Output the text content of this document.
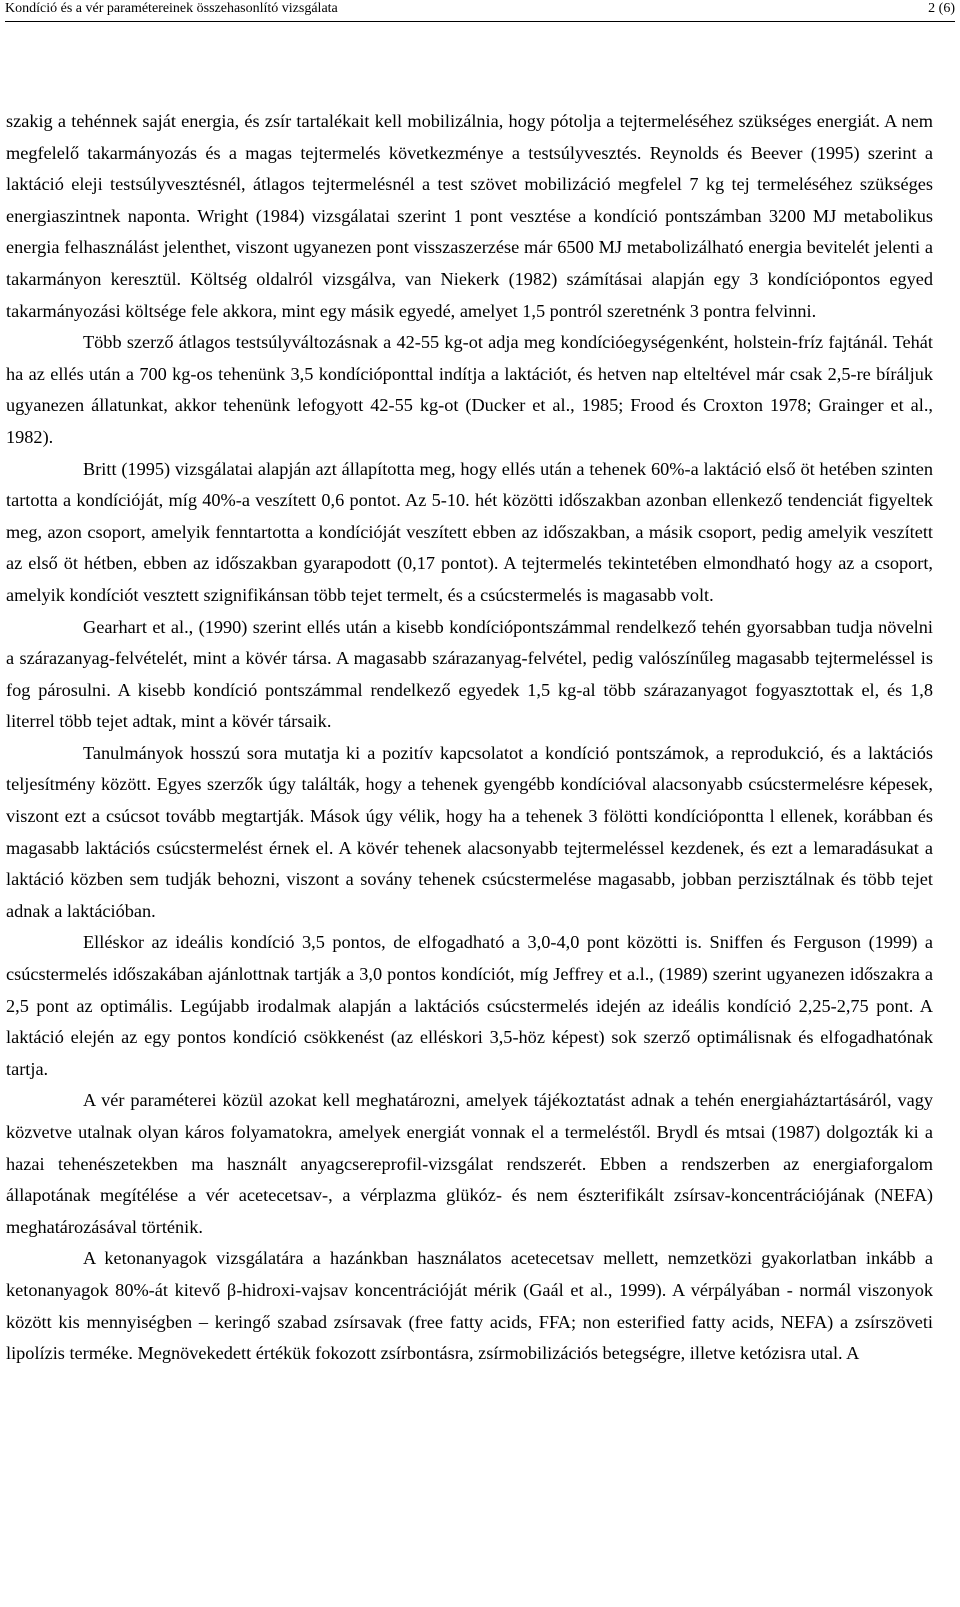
Kondíció és a vér paramétereinek összehasonlító vizsgálata	2 (6)

szakig a tehénnek saját energia, és zsír tartalékait kell mobilizálnia, hogy pótolja a tejtermeléséhez szükséges energiát. A nem megfelelő takarmányozás és a magas tejtermelés következménye a testsúlyvesztés. Reynolds és Beever (1995) szerint a laktáció eleji testsúlyvesztésnél, átlagos tejtermelésnél a test szövet mobilizáció megfelel 7 kg tej termeléséhez szükséges energiaszintnek naponta. Wright (1984) vizsgálatai szerint 1 pont vesztése a kondíció pontszámban 3200 MJ metabolikus energia felhasználást jelenthet, viszont ugyanezen pont visszaszerzése már 6500 MJ metabolizálható energia bevitelét jelenti a takarmányon keresztül. Költség oldalról vizsgálva, van Niekerk (1982) számításai alapján egy 3 kondíciópontos egyed takarmányozási költsége fele akkora, mint egy másik egyedé, amelyet 1,5 pontról szeretnénk 3 pontra felvinni.

Több szerző átlagos testsúlyváltozásnak a 42-55 kg-ot adja meg kondícióegységenként, holstein-fríz fajtánál. Tehát ha az ellés után a 700 kg-os tehenünk 3,5 kondícióponttal indítja a laktációt, és hetven nap elteltével már csak 2,5-re bíráljuk ugyanezen állatunkat, akkor tehenünk lefogyott 42-55 kg-ot (Ducker et al., 1985; Frood és Croxton 1978; Grainger et al., 1982).

Britt (1995) vizsgálatai alapján azt állapította meg, hogy ellés után a tehenek 60%-a laktáció első öt hetében szinten tartotta a kondícióját, míg 40%-a veszített 0,6 pontot. Az 5-10. hét közötti időszakban azonban ellenkező tendenciát figyeltek meg, azon csoport, amelyik fenntartotta a kondícióját veszített ebben az időszakban, a másik csoport, pedig amelyik veszített az első öt hétben, ebben az időszakban gyarapodott (0,17 pontot). A tejtermelés tekintetében elmondható hogy az a csoport, amelyik kondíciót vesztett szignifikánsan több tejet termelt, és a csúcstermelés is magasabb volt.

Gearhart et al., (1990) szerint ellés után a kisebb kondíciópontszámmal rendelkező tehén gyorsabban tudja növelni a szárazanyag-felvételét, mint a kövér társa. A magasabb szárazanyag-felvétel, pedig valószínűleg magasabb tejtermeléssel is fog párosulni. A kisebb kondíció pontszámmal rendelkező egyedek 1,5 kg-al több szárazanyagot fogyasztottak el, és 1,8 literrel több tejet adtak, mint a kövér társaik.

Tanulmányok hosszú sora mutatja ki a pozitív kapcsolatot a kondíció pontszámok, a reprodukció, és a laktációs teljesítmény között. Egyes szerzők úgy találták, hogy a tehenek gyengébb kondícióval alacsonyabb csúcstermelésre képesek, viszont ezt a csúcsot tovább megtartják. Mások úgy vélik, hogy ha a tehenek 3 fölötti kondíciópontta l ellenek, korábban és magasabb laktációs csúcstermelést érnek el. A kövér tehenek alacsonyabb tejtermeléssel kezdenek, és ezt a lemaradásukat a laktáció közben sem tudják behozni, viszont a sovány tehenek csúcstermelése magasabb, jobban perzisztálnak és több tejet adnak a laktációban.

Elléskor az ideális kondíció 3,5 pontos, de elfogadható a 3,0-4,0 pont közötti is. Sniffen és Ferguson (1999) a csúcstermelés időszakában ajánlottnak tartják a 3,0 pontos kondíciót, míg Jeffrey et a.l., (1989) szerint ugyanezen időszakra a 2,5 pont az optimális. Legújabb irodalmak alapján a laktációs csúcstermelés idején az ideális kondíció 2,25-2,75 pont. A laktáció elején az egy pontos kondíció csökkenést (az elléskori 3,5-höz képest) sok szerző optimálisnak és elfogadhatónak tartja.

A vér paraméterei közül azokat kell meghatározni, amelyek tájékoztatást adnak a tehén energiaháztartásáról, vagy közvetve utalnak olyan káros folyamatokra, amelyek energiát vonnak el a termeléstől. Brydl és mtsai (1987) dolgozták ki a hazai tehenészetekben ma használt anyagcsereprofil-vizsgálat rendszerét. Ebben a rendszerben az energiaforgalom állapotának megítélése a vér acetecetsav-, a vérplazma glükóz- és nem észterifikált zsírsav-koncentrációjának (NEFA) meghatározásával történik.

A ketonanyagok vizsgálatára a hazánkban használatos acetecetsav mellett, nemzetközi gyakorlatban inkább a ketonanyagok 80%-át kitevő β-hidroxi-vajsav koncentrációját mérik (Gaál et al., 1999). A vérpályában - normál viszonyok között kis mennyiségben – keringő szabad zsírsavak (free fatty acids, FFA; non esterified fatty acids, NEFA) a zsírszöveti lipolízis terméke. Megnövekedett értékük fokozott zsírbontásra, zsírmobilizációs betegségre, illetve ketózisra utal. A
